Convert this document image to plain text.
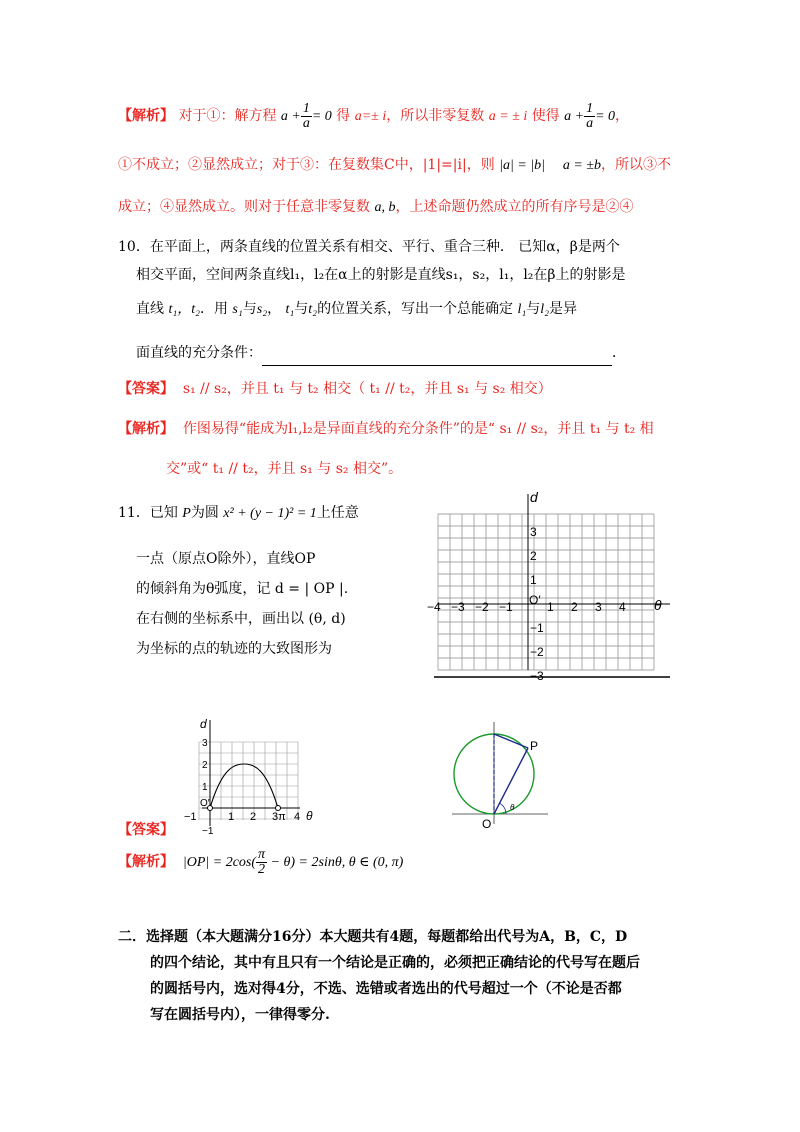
【解析】 对于①：解方程 $a + \frac{1}{a} = 0$ 得 a=± i，所以非零复数 a = ± i 使得 $a + \frac{1}{a} = 0$，
①不成立；②显然成立；对于③：在复数集C中，|1|=|i|，则 |a| = |b| a = ±b，所以③不
成立；④显然成立。则对于任意非零复数 a, b，上述命题仍然成立的所有序号是②④
10．在平面上，两条直线的位置关系有相交、平行、重合三种． 已知α，β是两个
相交平面，空间两条直线l₁，l₂在α上的射影是直线s₁，s₂，l₁，l₂在β上的射影是
直线 t₁，t₂．用 s₁与s₂， t₁与t₂的位置关系，写出一个总能确定 l₁与l₂是异
面直线的充分条件：	．
【答案】 s₁ // s₂，并且 t₁ 与 t₂ 相交（ t₁ // t₂，并且 s₁ 与 s₂ 相交）
【解析】 作图易得“能成为l₁,l₂是异面直线的充分条件”的是“ s₁ // s₂，并且 t₁ 与 t₂ 相
交”或“ t₁ // t₂，并且 s₁ 与 s₂ 相交”。
11．已知 P为圆 x² + (y − 1)² = 1上任意
一点（原点O除外），直线OP
的倾斜角为θ弧度，记 d = | OP |.
在右侧的坐标系中，画出以 (θ, d)
为坐标的点的轨迹的大致图形为
d
θ
O′
−4 −3 −2 −1	1 2 3 4
3
2
1
−1
−2
−3
d
θ
O′
−1	1 2 3 π 4
3
2
1
−1
P
O
θ
【答案】
【解析】 $|OP| = 2\cos( \frac{\pi}{2} - \theta) = 2\sin\theta$, θ ∈ (0, π)
二．选择题（本大题满分16分）本大题共有4题，每题都给出代号为A，B，C，D
的四个结论，其中有且只有一个结论是正确的，必须把正确结论的代号写在题后
的圆括号内，选对得4分，不选、选错或者选出的代号超过一个（不论是否都
写在圆括号内），一律得零分.
